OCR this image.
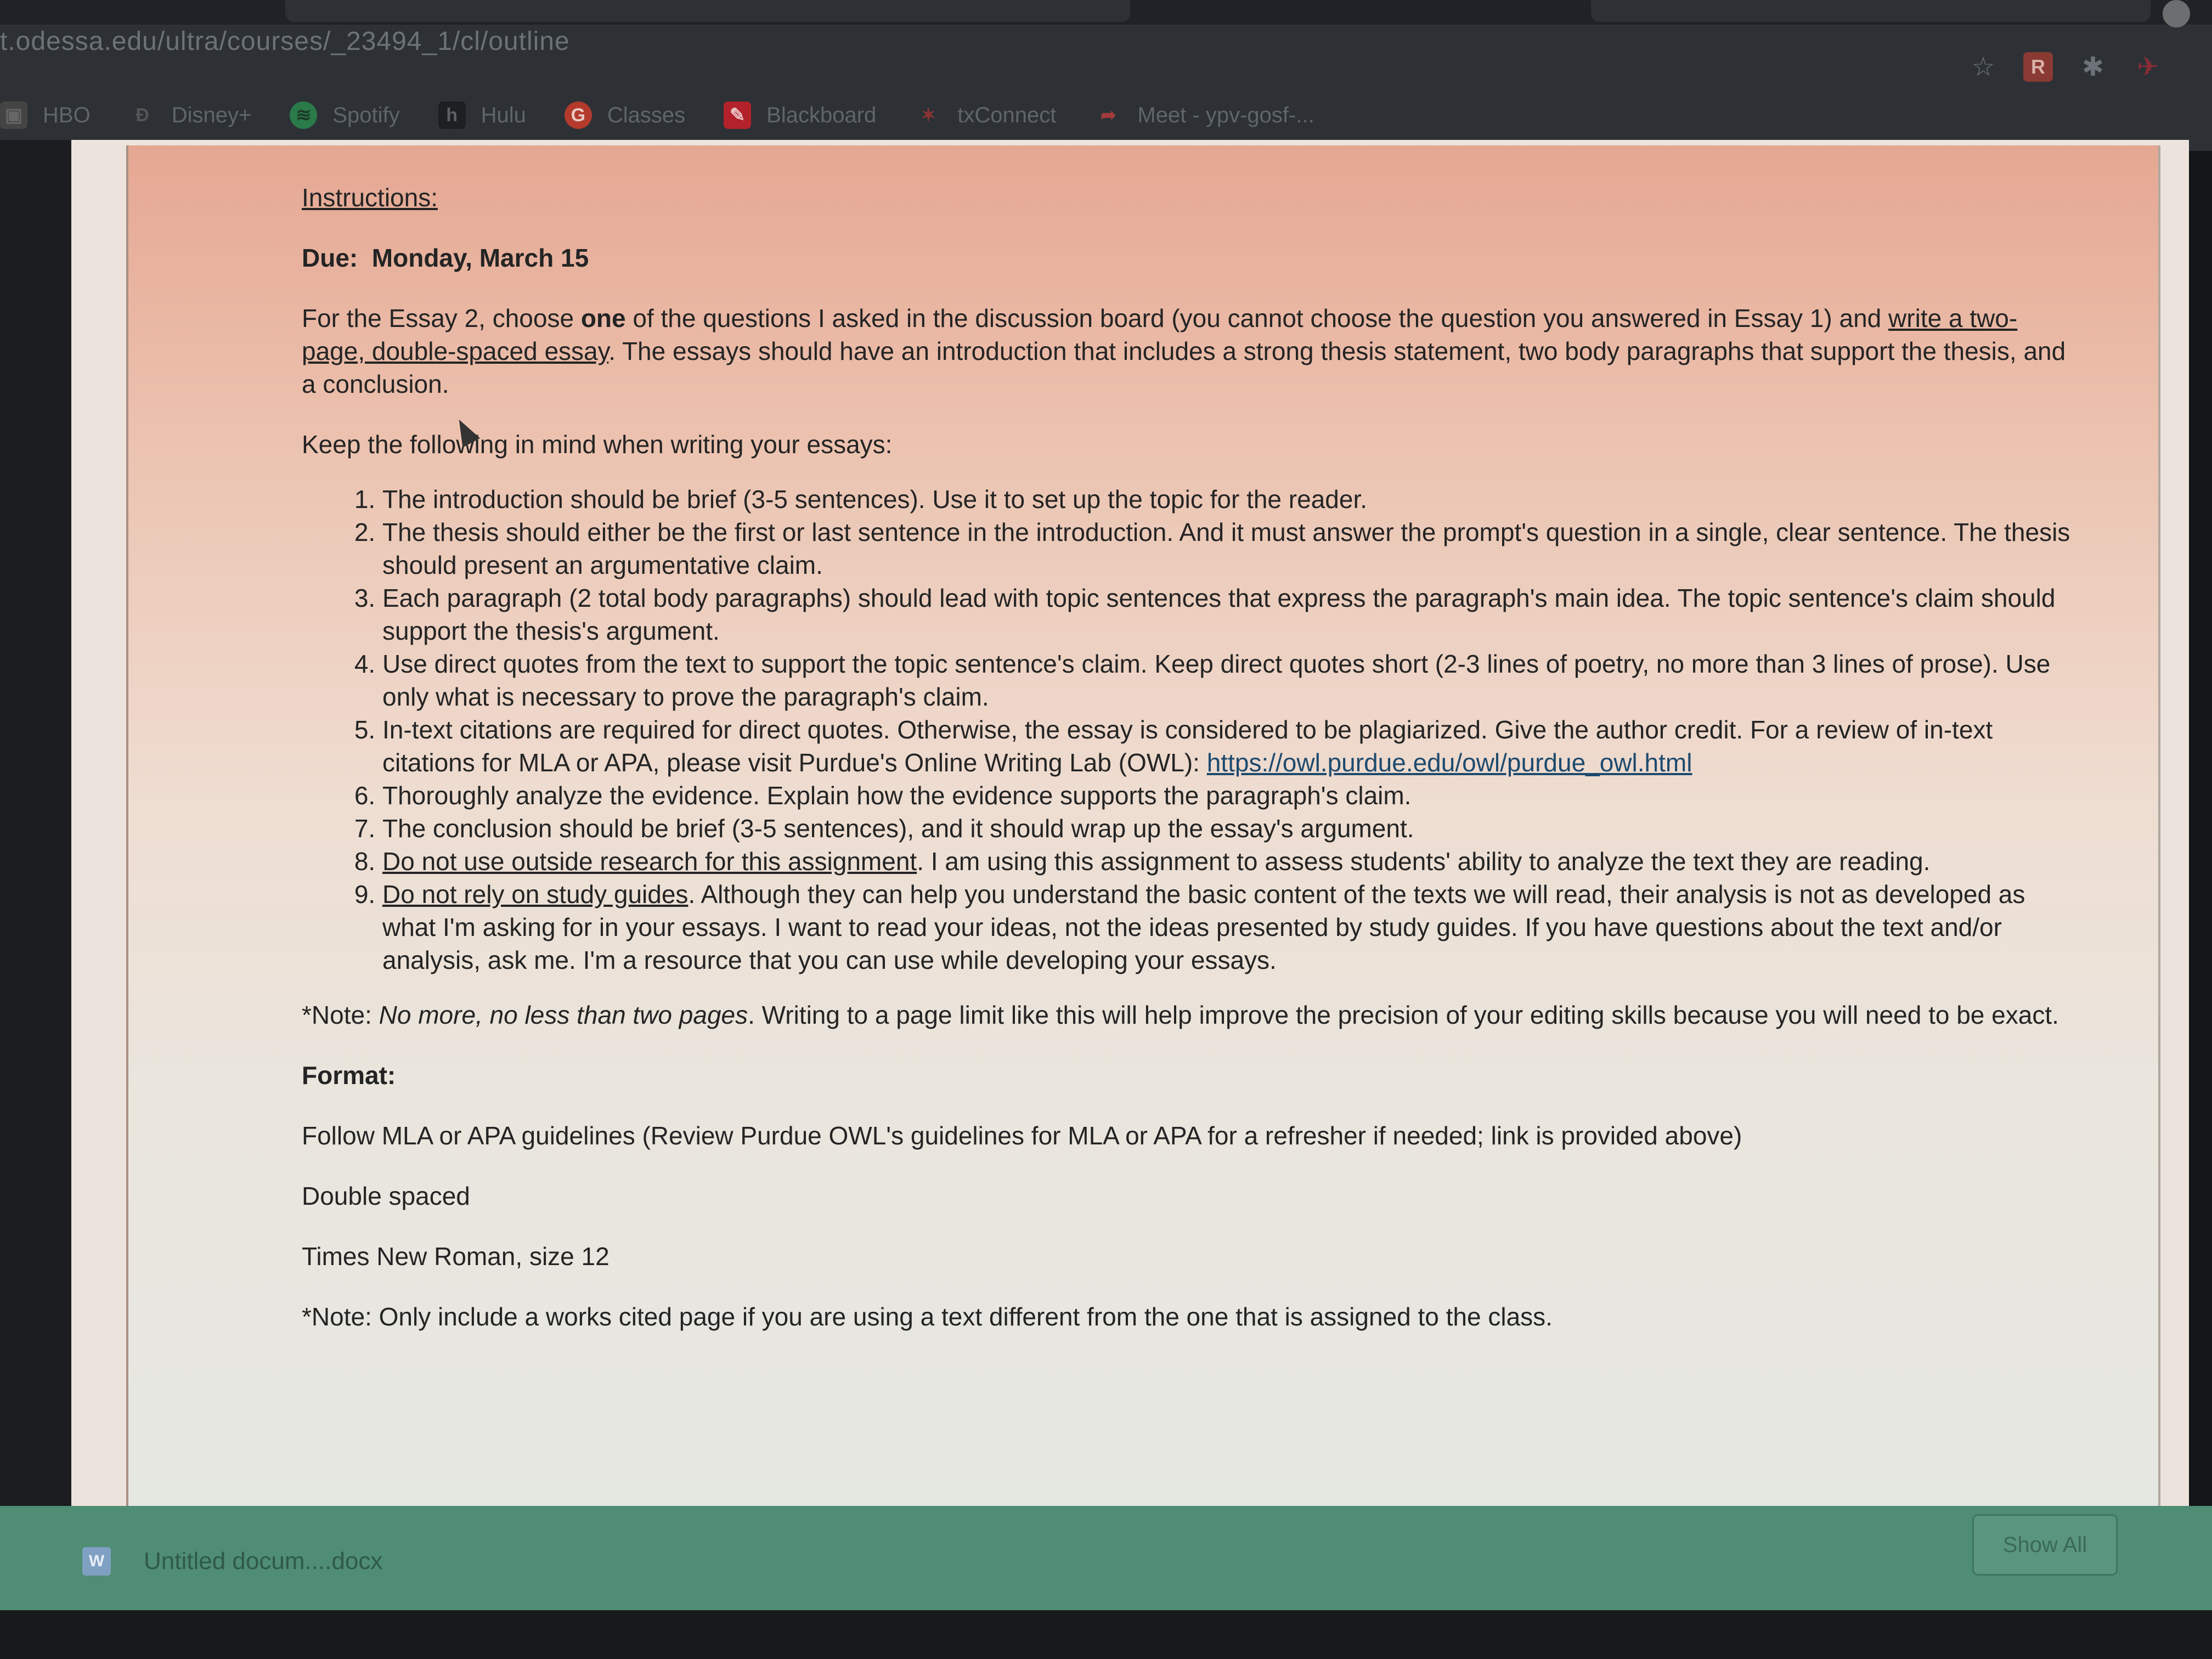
t.odessa.edu/ultra/courses/_23494_1/cl/outline
☆	R ✱ ✈
▣ HBO	Ð	Disney+	≋ Spotify	h	Hulu	G Classes	✎ Blackboard	✶ txConnect	➦ Meet - ypv-gosf-...

Instructions:

Due: Monday, March 15

For the Essay 2, choose one of the questions I asked in the discussion board (you cannot choose the question you answered in Essay 1) and write a two-page, double-spaced essay. The essays should have an introduction that includes a strong thesis statement, two body paragraphs that support the thesis, and a conclusion.

Keep the following in mind when writing your essays:

1. The introduction should be brief (3-5 sentences). Use it to set up the topic for the reader.
2. The thesis should either be the first or last sentence in the introduction. And it must answer the prompt's question in a single, clear sentence. The thesis should present an argumentative claim.
3. Each paragraph (2 total body paragraphs) should lead with topic sentences that express the paragraph's main idea. The topic sentence's claim should support the thesis's argument.
4. Use direct quotes from the text to support the topic sentence's claim. Keep direct quotes short (2-3 lines of poetry, no more than 3 lines of prose). Use only what is necessary to prove the paragraph's claim.
5. In-text citations are required for direct quotes. Otherwise, the essay is considered to be plagiarized. Give the author credit. For a review of in-text citations for MLA or APA, please visit Purdue's Online Writing Lab (OWL): https://owl.purdue.edu/owl/purdue_owl.html
6. Thoroughly analyze the evidence. Explain how the evidence supports the paragraph's claim.
7. The conclusion should be brief (3-5 sentences), and it should wrap up the essay's argument.
8. Do not use outside research for this assignment. I am using this assignment to assess students' ability to analyze the text they are reading.
9. Do not rely on study guides. Although they can help you understand the basic content of the texts we will read, their analysis is not as developed as what I'm asking for in your essays. I want to read your ideas, not the ideas presented by study guides. If you have questions about the text and/or analysis, ask me. I'm a resource that you can use while developing your essays.

*Note: No more, no less than two pages. Writing to a page limit like this will help improve the precision of your editing skills because you will need to be exact.

Format:

Follow MLA or APA guidelines (Review Purdue OWL's guidelines for MLA or APA for a refresher if needed; link is provided above)

Double spaced

Times New Roman, size 12

*Note: Only include a works cited page if you are using a text different from the one that is assigned to the class.

W Untitled docum....docx
Show All
